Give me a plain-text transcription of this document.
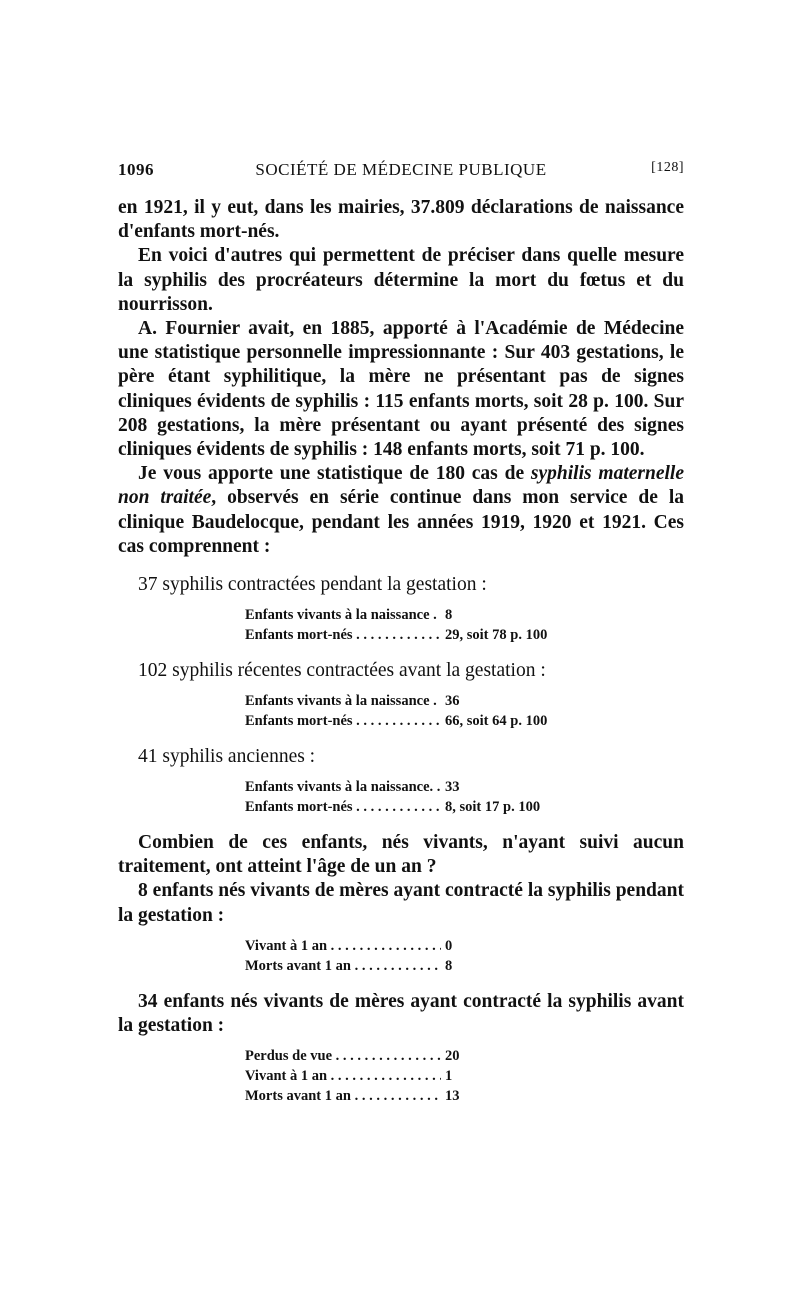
1096	SOCIÉTÉ DE MÉDECINE PUBLIQUE	[128]

en 1921, il y eut, dans les mairies, 37.809 déclarations de naissance d'enfants mort-nés.

En voici d'autres qui permettent de préciser dans quelle mesure la syphilis des procréateurs détermine la mort du fœtus et du nourrisson.

A. Fournier avait, en 1885, apporté à l'Académie de Médecine une statistique personnelle impressionnante : Sur 403 gestations, le père étant syphilitique, la mère ne présentant pas de signes cliniques évidents de syphilis : 115 enfants morts, soit 28 p. 100. Sur 208 gestations, la mère présentant ou ayant présenté des signes cliniques évidents de syphilis : 148 enfants morts, soit 71 p. 100.

Je vous apporte une statistique de 180 cas de syphilis maternelle non traitée, observés en série continue dans mon service de la clinique Baudelocque, pendant les années 1919, 1920 et 1921. Ces cas comprennent :

37 syphilis contractées pendant la gestation :
Enfants vivants à la naissance . . .	8
Enfants mort-nés . . .	29, soit 78 p. 100
102 syphilis récentes contractées avant la gestation :
Enfants vivants à la naissance . . .	36
Enfants mort-nés . . .	66, soit 64 p. 100
41 syphilis anciennes :
Enfants vivants à la naissance. . . . 33
Enfants mort-nés . . .	8, soit 17 p. 100

Combien de ces enfants, nés vivants, n'ayant suivi aucun traitement, ont atteint l'âge de un an ?

8 enfants nés vivants de mères ayant contracté la syphilis pendant la gestation :

Vivant à 1 an . . .	0
Morts avant 1 an . . .	8

34 enfants nés vivants de mères ayant contracté la syphilis avant la gestation :

Perdus de vue . . .	20
Vivant à 1 an . . .	1
Morts avant 1 an . . .	13
